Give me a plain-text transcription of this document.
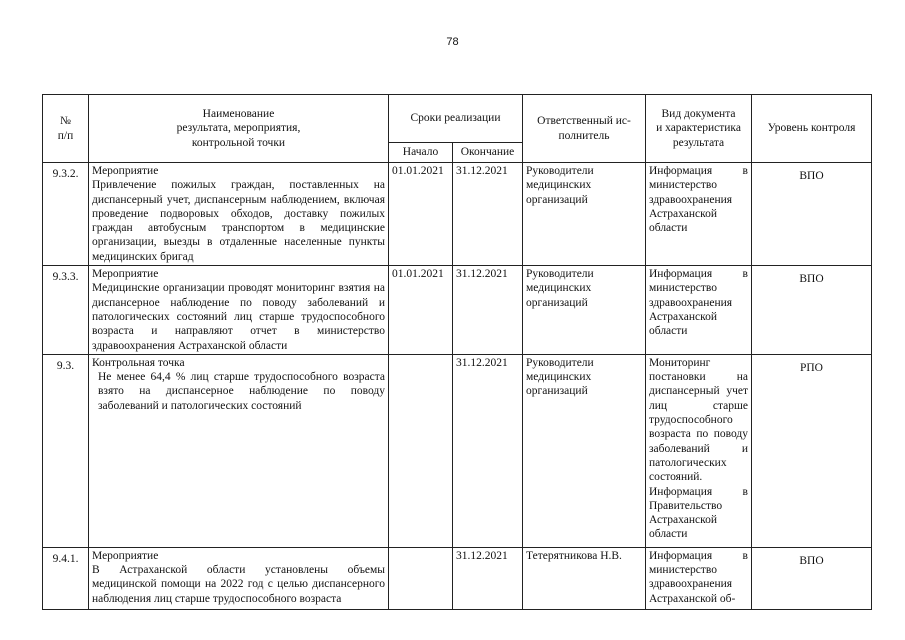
78
№
п/п	Наименование
результата, мероприятия,
контрольной точки	Сроки реализации		Ответственный ис-
полнитель	Вид документа
и характеристика
результата	Уровень контроля
		Начало	Окончание			
9.3.2.	Мероприятие
Привлечение пожилых граждан, поставленных на диспансерный учет, диспансерным наблюдением, включая проведение подворовых обходов, доставку пожилых граждан автобусным транспортом в медицинские организации, выезды в отдаленные населенные пункты медицинских бригад	01.01.2021	31.12.2021	Руководители медицинских организаций	Информация в министерство здравоохранения Астраханской области	ВПО
9.3.3.	Мероприятие
Медицинские организации проводят мониторинг взятия на диспансерное наблюдение по поводу заболеваний и патологических состояний лиц старше трудоспособного возраста и направляют отчет в министерство здравоохранения Астраханской области	01.01.2021	31.12.2021	Руководители медицинских организаций	Информация в министерство здравоохранения Астраханской области	ВПО
9.3.	Контрольная точка
Не менее 64,4 % лиц старше трудоспособного возраста взято на диспансерное наблюдение по поводу заболеваний и патологических состояний		31.12.2021	Руководители медицинских организаций	Мониторинг постановки на диспансерный учет лиц старше трудоспособного возраста по поводу заболеваний и патологических состояний.
Информация в Правительство Астраханской области	РПО
9.4.1.	Мероприятие
В Астраханской области установлены объемы медицинской помощи на 2022 год с целью диспансерного наблюдения лиц старше трудоспособного возраста		31.12.2021	Тетерятникова Н.В.	Информация в министерство здравоохранения Астраханской об-	ВПО
